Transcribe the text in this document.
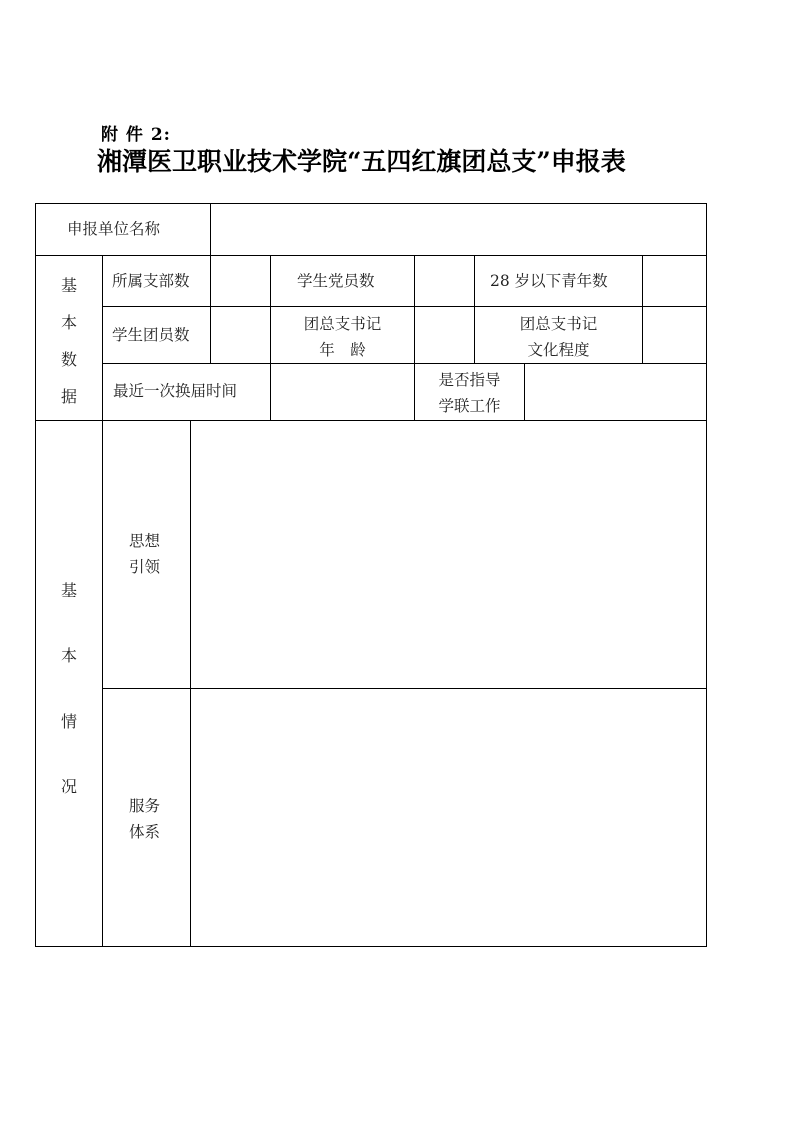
附 件 2:
湘潭医卫职业技术学院“五四红旗团总支”申报表
申报单位名称
基
本
数
据
所属支部数	学生党员数	28 岁以下青年数
学生团员数
团总支书记
年　龄
团总支书记
文化程度
最近一次换届时间
是否指导
学联工作
基
本
情
况
思想
引领
服务
体系
